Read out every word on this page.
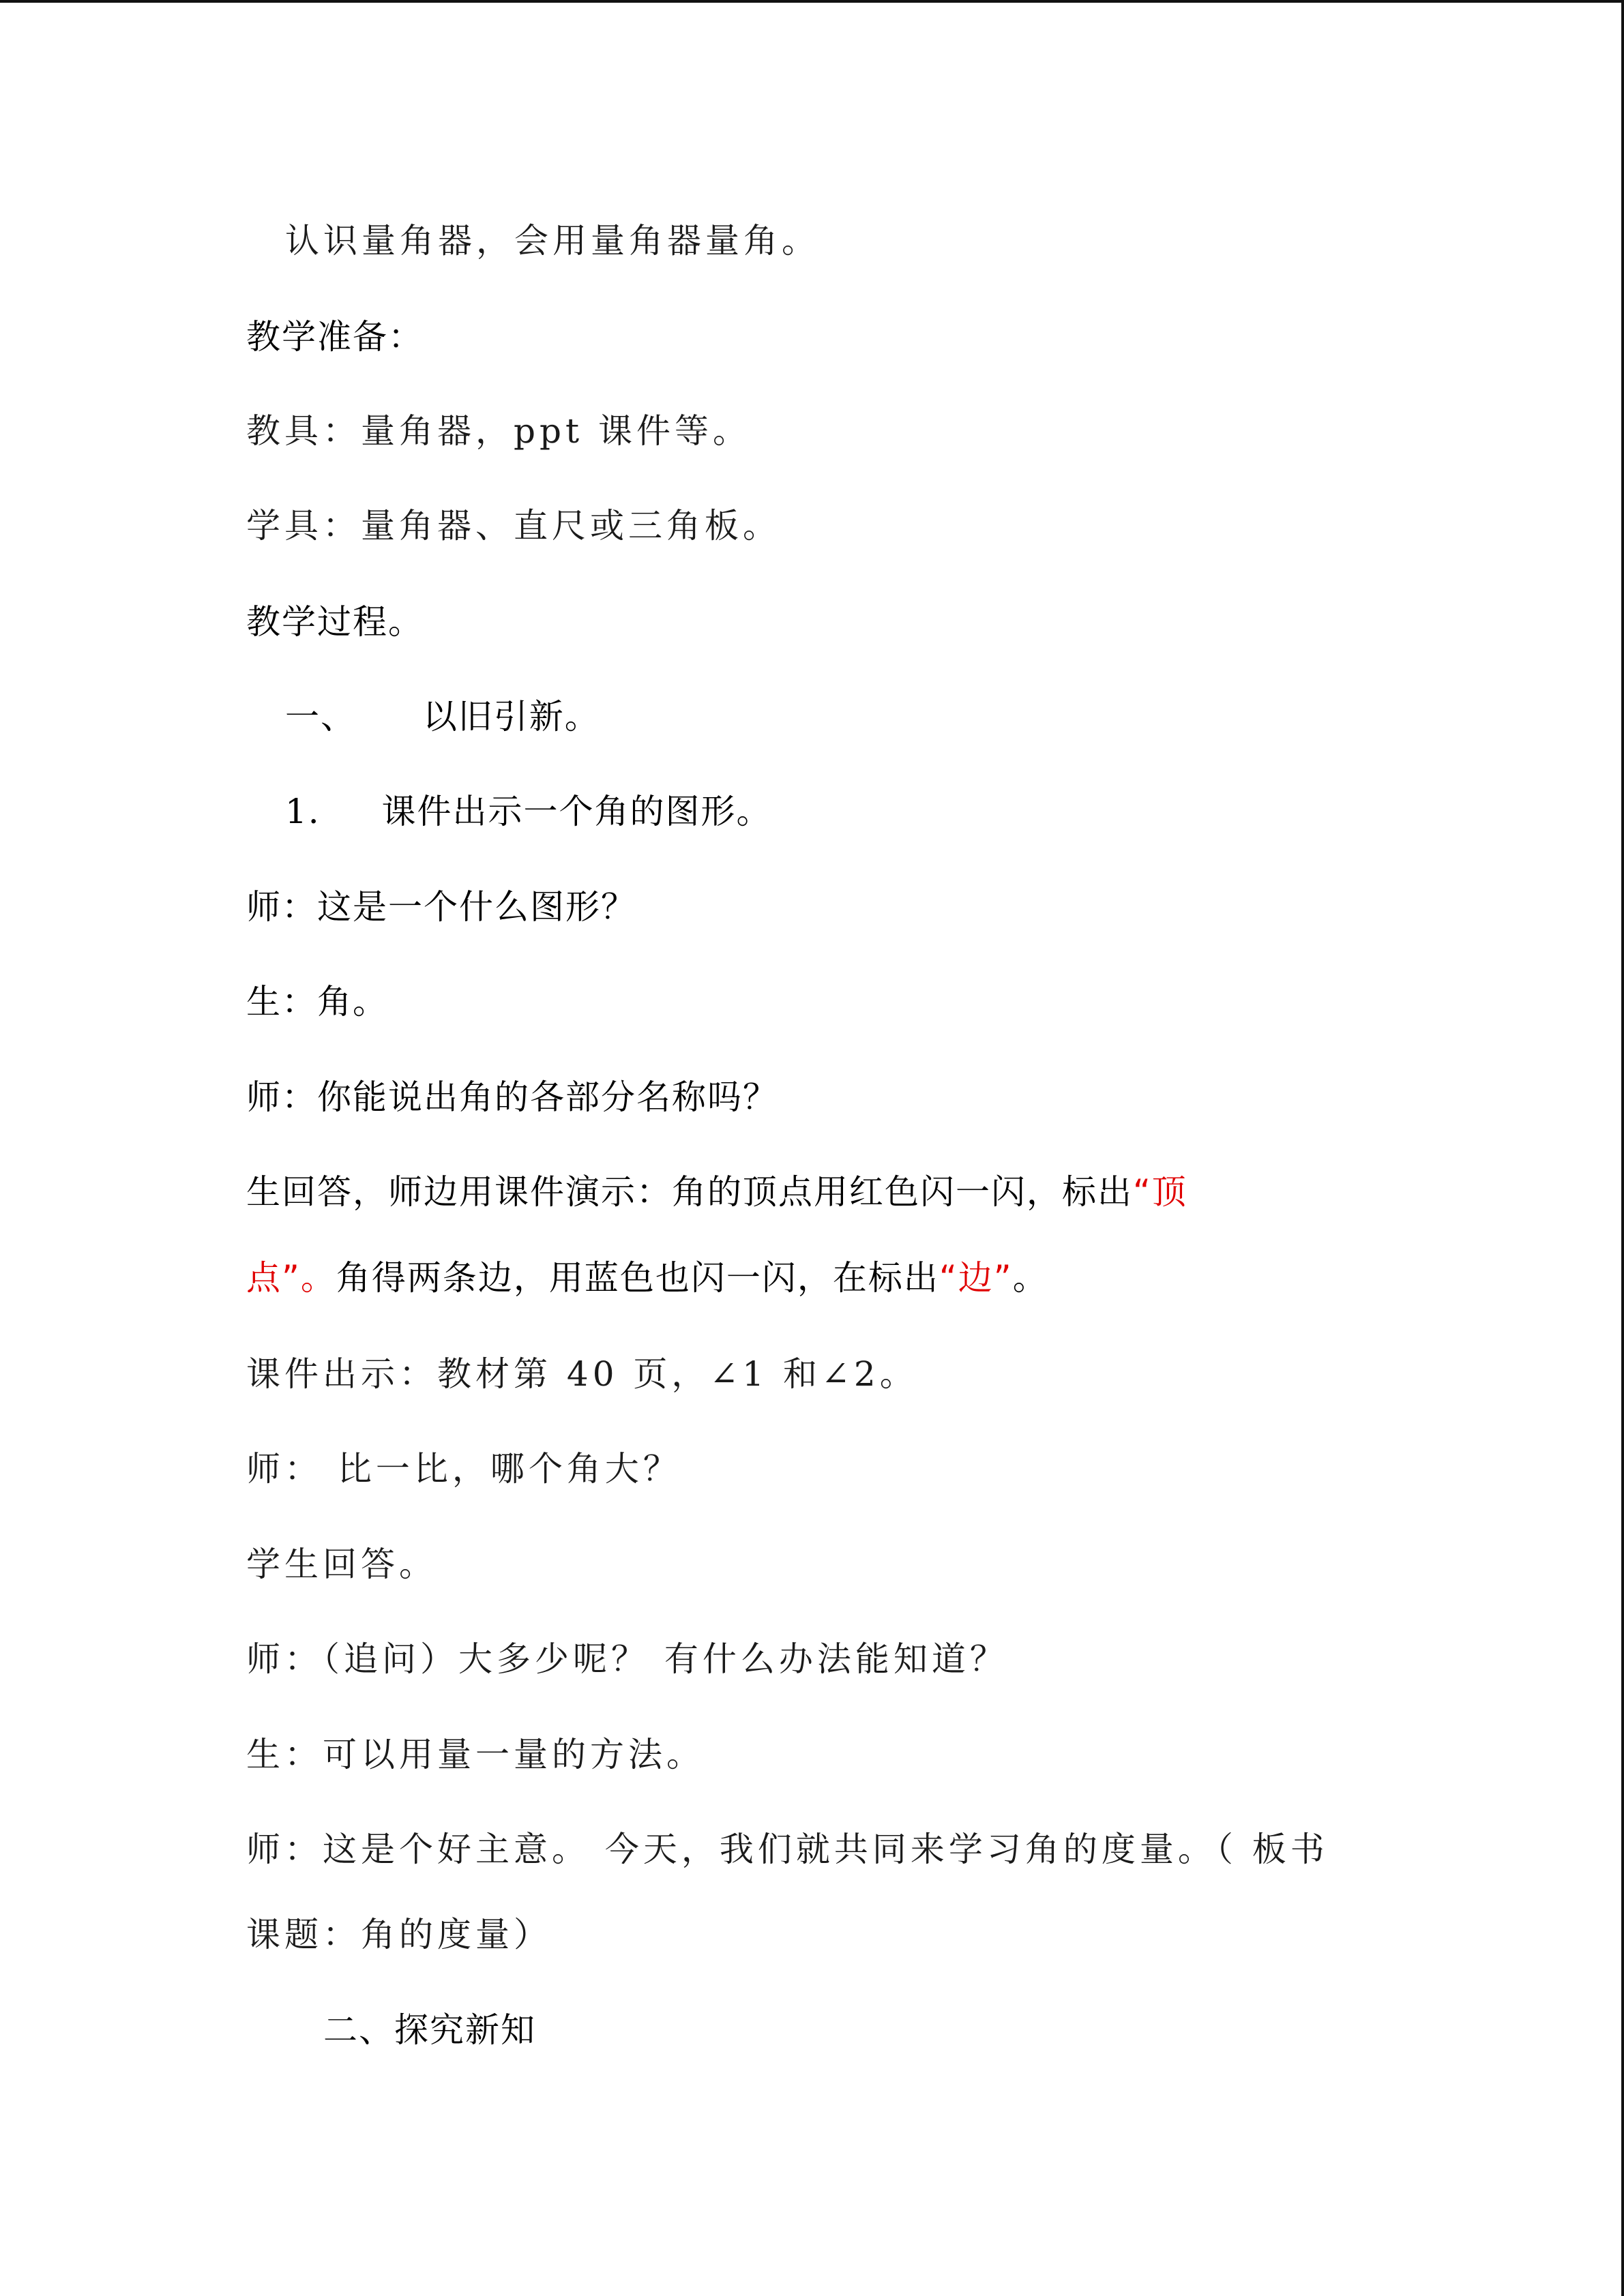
认识量角器，会用量角器量角。
教学准备：
教具：量角器，ppt 课件等。
学具：量角器、直尺或三角板。
教学过程。
一、 以旧引新。
1. 课件出示一个角的图形。
师：这是一个什么图形？
生：角。
师：你能说出角的各部分名称吗？
生回答，师边用课件演示：角的顶点用红色闪一闪，标出“顶
点”。角得两条边，用蓝色也闪一闪，在标出“边”。
课件出示：教材第 40 页，∠1 和∠2。
师： 比一比，哪个角大？
学生回答。
师：（追问）大多少呢？ 有什么办法能知道？
生：可以用量一量的方法。
师：这是个好主意。 今天，我们就共同来学习角的度量。（ 板书
课题：角的度量）
二、探究新知
